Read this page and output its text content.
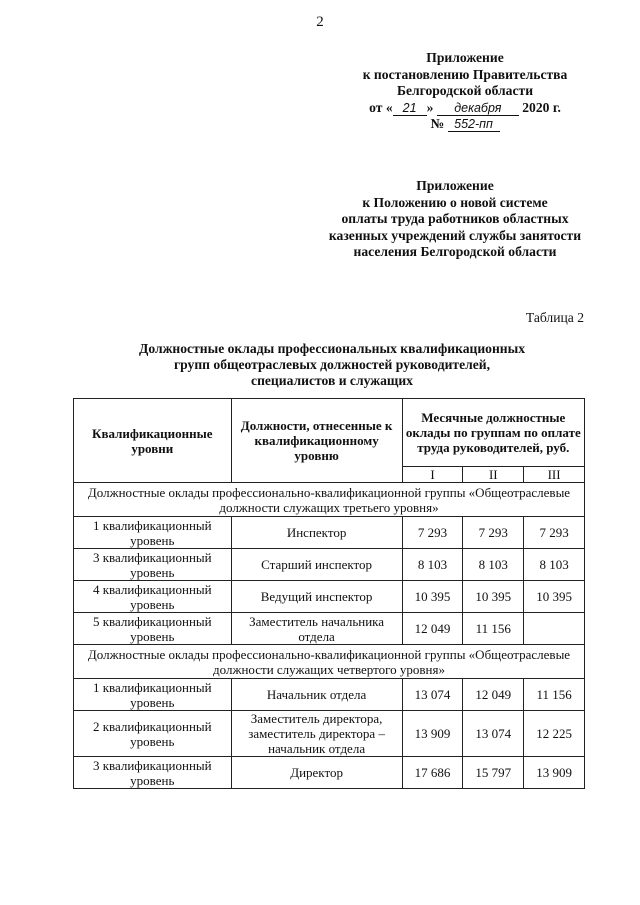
2
Приложение
к постановлению Правительства
Белгородской области
от « 21 » декабря 2020 г.
№ 552-пп
Приложение
к Положению о новой системе
оплаты труда работников областных
казенных учреждений службы занятости
населения Белгородской области
Таблица 2
Должностные оклады профессиональных квалификационных
групп общеотраслевых должностей руководителей,
специалистов и служащих
Квалификационные уровни	Должности, отнесенные к квалификационному уровню	Месячные должностные оклады по группам по оплате труда руководителей, руб.		
		I	II	III
Должностные оклады профессионально-квалификационной группы «Общеотраслевые должности служащих третьего уровня»				
1 квалификационный уровень	Инспектор	7 293	7 293	7 293
3 квалификационный уровень	Старший инспектор	8 103	8 103	8 103
4 квалификационный уровень	Ведущий инспектор	10 395	10 395	10 395
5 квалификационный уровень	Заместитель начальника отдела	12 049	11 156	
Должностные оклады профессионально-квалификационной группы «Общеотраслевые должности служащих четвертого уровня»				
1 квалификационный уровень	Начальник отдела	13 074	12 049	11 156
2 квалификационный уровень	Заместитель директора, заместитель директора – начальник отдела	13 909	13 074	12 225
3 квалификационный уровень	Директор	17 686	15 797	13 909
